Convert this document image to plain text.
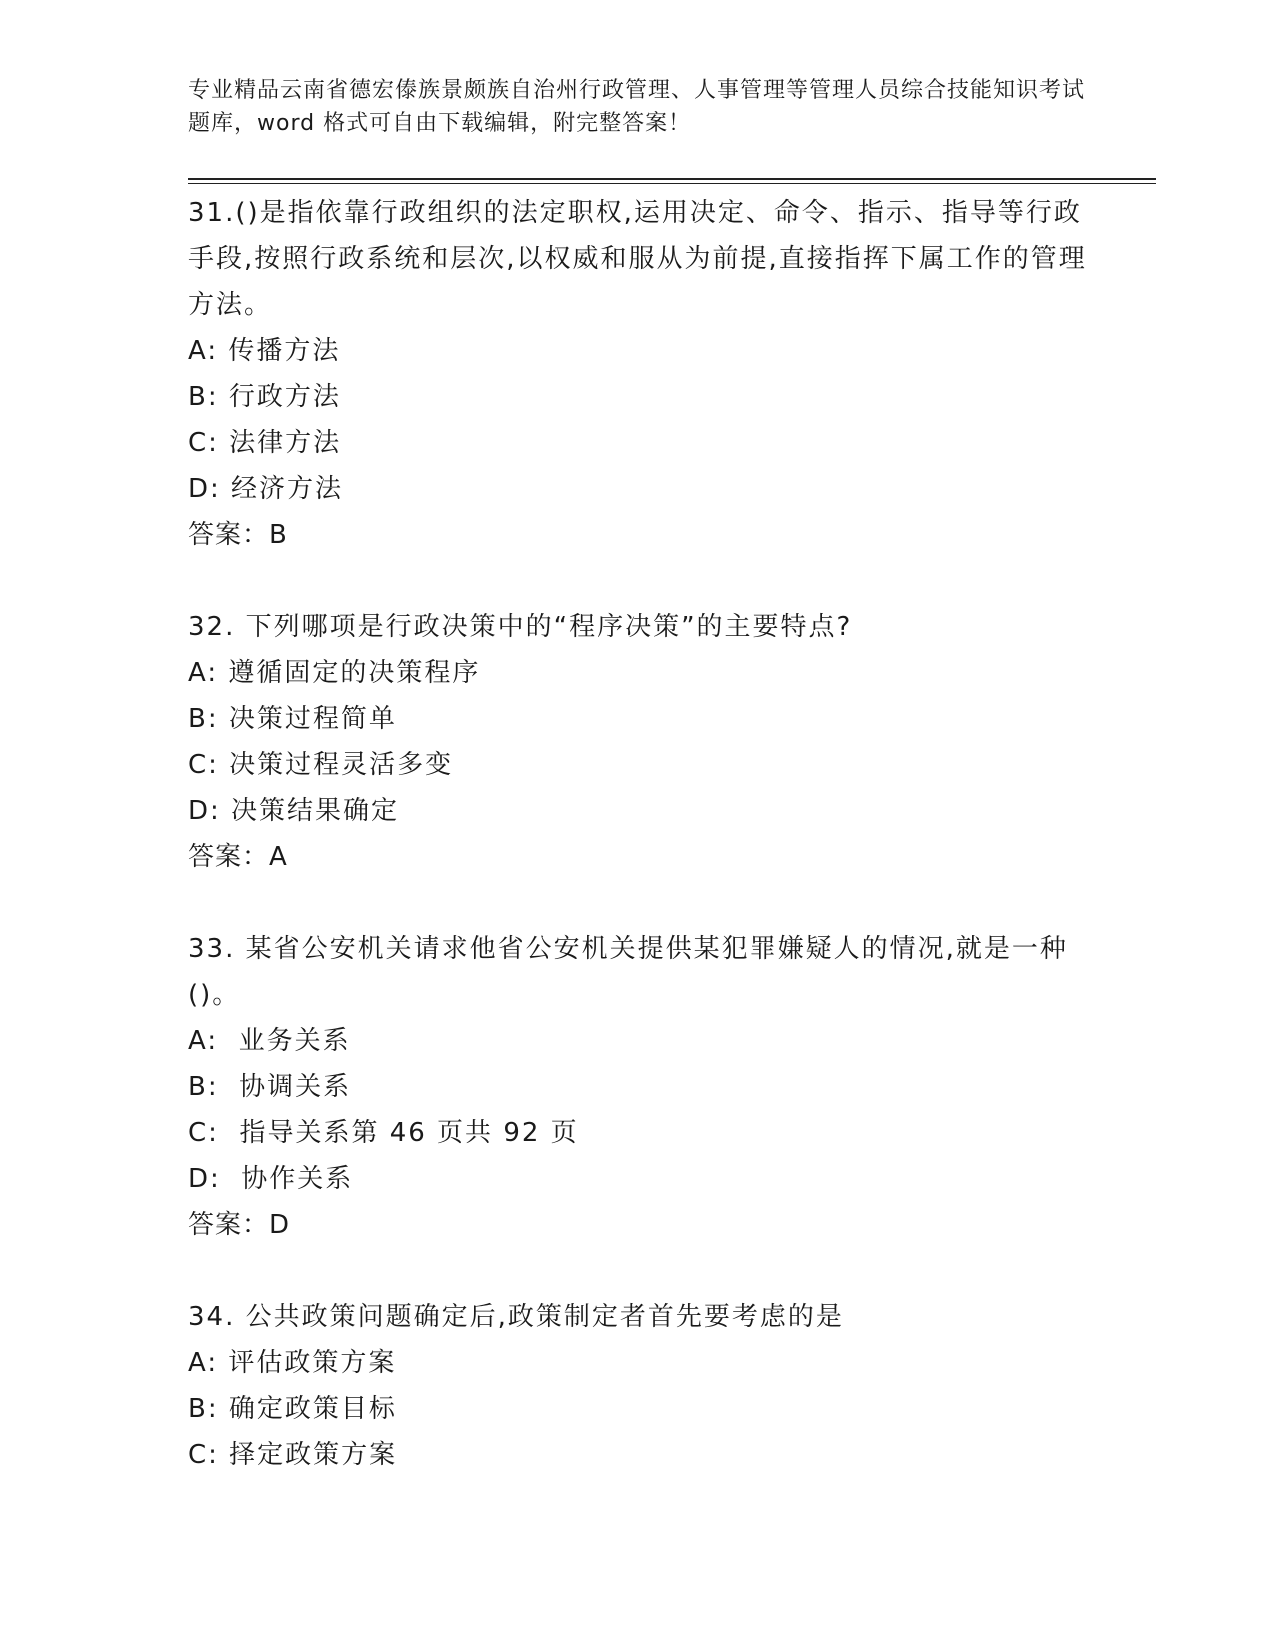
专业精品云南省德宏傣族景颇族自治州行政管理、人事管理等管理人员综合技能知识考试题库，word 格式可自由下载编辑，附完整答案！

31.()是指依靠行政组织的法定职权,运用决定、命令、指示、指导等行政手段,按照行政系统和层次,以权威和服从为前提,直接指挥下属工作的管理方法。

A: 传播方法

B: 行政方法

C: 法律方法

D: 经济方法

答案：B

32. 下列哪项是行政决策中的“程序决策”的主要特点?

A: 遵循固定的决策程序

B: 决策过程简单

C: 决策过程灵活多变

D: 决策结果确定

答案：A

33. 某省公安机关请求他省公安机关提供某犯罪嫌疑人的情况,就是一种()。

A:  业务关系

B:  协调关系

C:  指导关系第 46 页共 92 页

D:  协作关系

答案：D

34. 公共政策问题确定后,政策制定者首先要考虑的是

A: 评估政策方案

B: 确定政策目标

C: 择定政策方案
